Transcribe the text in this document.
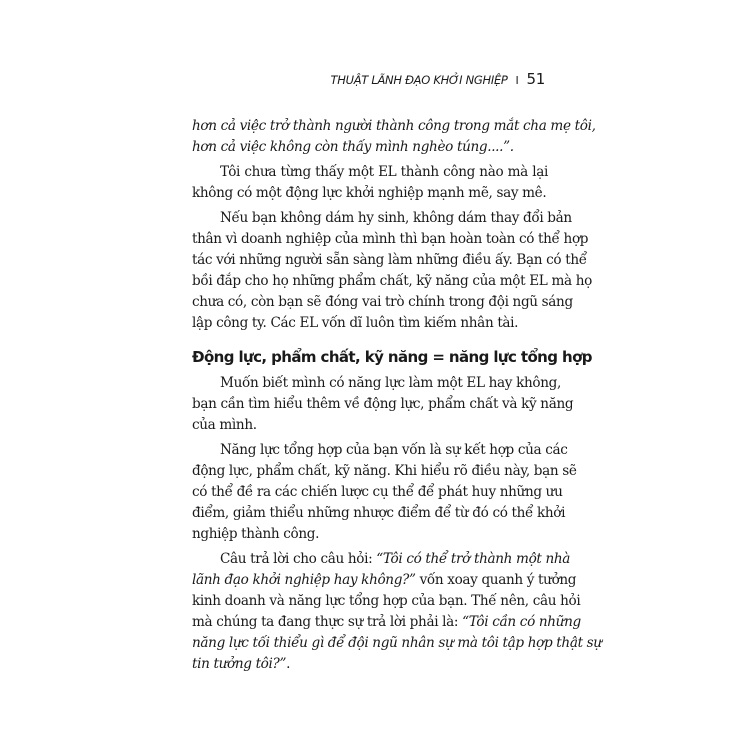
THUẬT LÃNH ĐẠO KHỞI NGHIỆP I 51
hơn cả việc trở thành người thành công trong mắt cha mẹ tôi,
hơn cả việc không còn thấy mình nghèo túng....”.
Tôi chưa từng thấy một EL thành công nào mà lại
không có một động lực khởi nghiệp mạnh mẽ, say mê.
Nếu bạn không dám hy sinh, không dám thay đổi bản
thân vì doanh nghiệp của mình thì bạn hoàn toàn có thể hợp
tác với những người sẵn sàng làm những điều ấy. Bạn có thể
bồi đắp cho họ những phẩm chất, kỹ năng của một EL mà họ
chưa có, còn bạn sẽ đóng vai trò chính trong đội ngũ sáng
lập công ty. Các EL vốn dĩ luôn tìm kiếm nhân tài.
Động lực, phẩm chất, kỹ năng = năng lực tổng hợp
Muốn biết mình có năng lực làm một EL hay không,
bạn cần tìm hiểu thêm về động lực, phẩm chất và kỹ năng
của mình.
Năng lực tổng hợp của bạn vốn là sự kết hợp của các
động lực, phẩm chất, kỹ năng. Khi hiểu rõ điều này, bạn sẽ
có thể đề ra các chiến lược cụ thể để phát huy những ưu
điểm, giảm thiểu những nhược điểm để từ đó có thể khởi
nghiệp thành công.
Câu trả lời cho câu hỏi: “Tôi có thể trở thành một nhà
lãnh đạo khởi nghiệp hay không?” vốn xoay quanh ý tưởng
kinh doanh và năng lực tổng hợp của bạn. Thế nên, câu hỏi
mà chúng ta đang thực sự trả lời phải là: “Tôi cần có những
năng lực tối thiểu gì để đội ngũ nhân sự mà tôi tập hợp thật sự
tin tưởng tôi?”.
